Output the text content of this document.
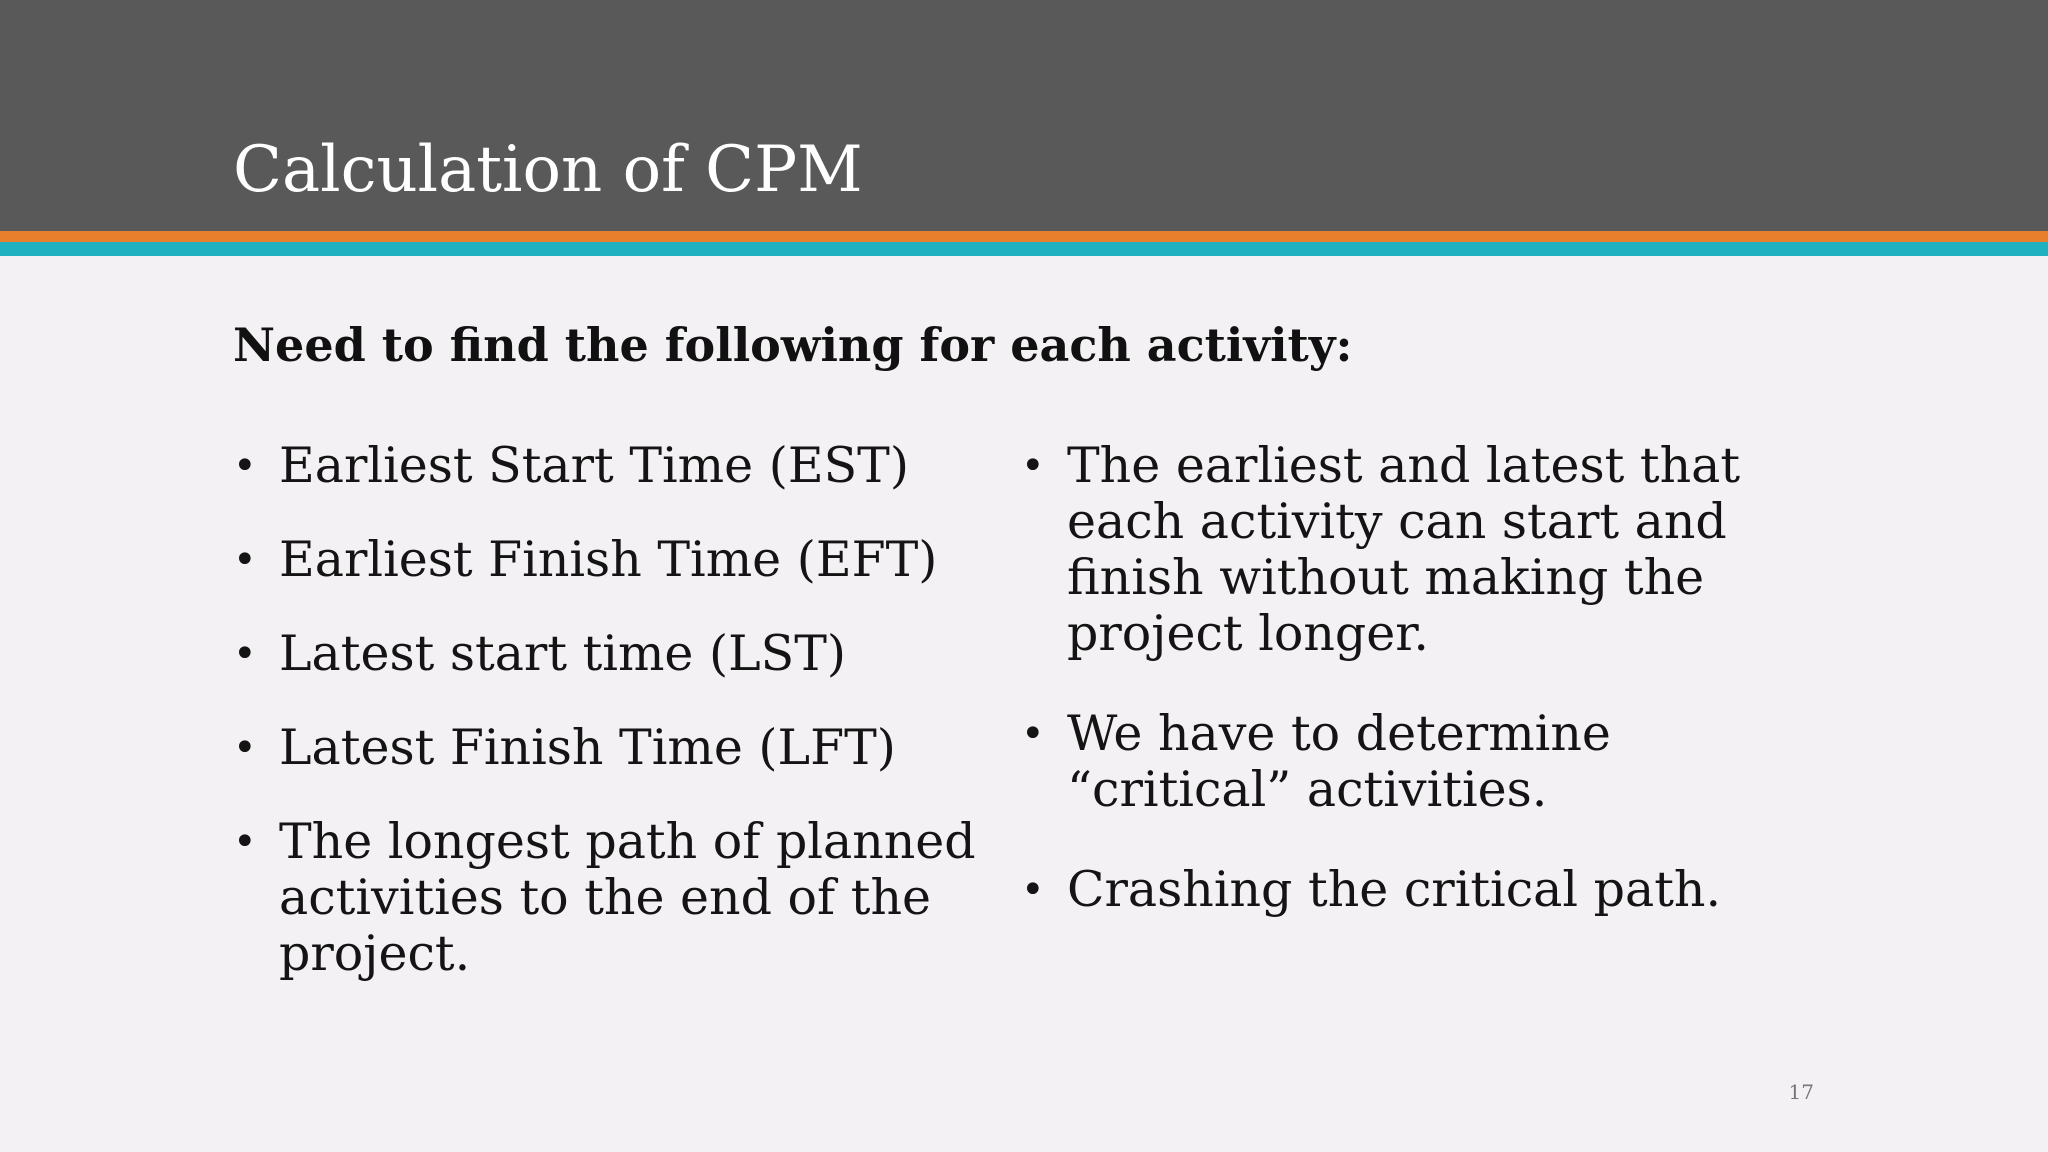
Calculation of CPM
Need to find the following for each activity:
• Earliest Start Time (EST)
• Earliest Finish Time (EFT)
• Latest start time (LST)
• Latest Finish Time (LFT)
• The longest path of planned activities to the end of the project.
• The earliest and latest that each activity can start and finish without making the project longer.
• We have to determine “critical” activities.
• Crashing the critical path.
17
